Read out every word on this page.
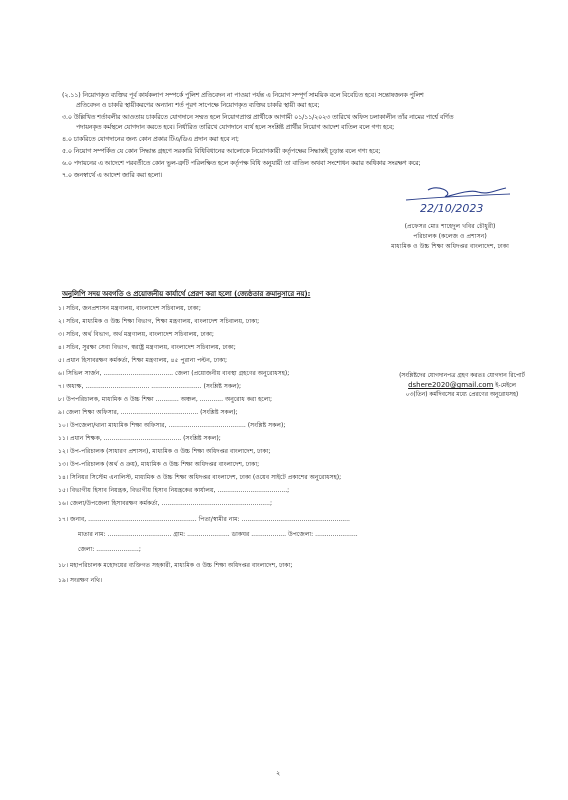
(২.১১) নিয়োগকৃত ব্যক্তির পূর্ব কার্যকলাপ সম্পর্কে পুলিশ প্রতিবেদন না পাওয়া পর্যন্ত এ নিয়োগ সম্পূর্ণ সাময়িক বলে বিবেচিত হবে। সন্তোষজনক পুলিশ
প্রতিবেদন ও চাকরি স্থায়ীকরণের অন্যান্য শর্ত পূরণ সাপেক্ষে নিয়োগকৃত ব্যক্তির চাকরি স্থায়ী করা হবে;
৩.০ উল্লিখিত শর্তাবলীর আওতায় চাকরিতে যোগদানে সম্মত হলে নিয়োগপ্রাপ্ত প্রার্থীকে আগামী ০১/১১/২০২৩ তারিখে অফিস চলাকালীন তাঁর নামের পার্শ্বে বর্ণিত
পদায়নকৃত কর্মস্থলে যোগদান করতে হবে। নির্ধারিত তারিখে যোগদানে ব্যর্থ হলে সংশ্লিষ্ট প্রার্থীর নিয়োগ আদেশ বাতিল বলে গণ্য হবে;
৪.০ চাকরিতে যোগদানের জন্য কোন প্রকার টিএ/ডিএ প্রদান করা হবে না;
৫.০ নিয়োগ সম্পর্কিত যে কোন সিদ্ধান্ত গ্রহণে সরকারি বিধিবিধানের আলোকে নিয়োগকারী কর্তৃপক্ষের সিদ্ধান্তই চূড়ান্ত বলে গণ্য হবে;
৬.০ পদায়নের এ আদেশে পরবর্তীতে কোন ভুল-ত্রুটি পরিলক্ষিত হলে কর্তৃপক্ষ বিধি অনুযায়ী তা বাতিল অথবা সংশোধন করার অধিকার সংরক্ষণ করে;
৭.০ জনস্বার্থে এ আদেশ জারি করা হলো।
22/10/2023
(প্রফেসর মোঃ শাহেদুল খবির চৌধুরী)
পরিচালক (কলেজ ও প্রশাসন)
মাধ্যমিক ও উচ্চ শিক্ষা অধিদপ্তর বাংলাদেশ, ঢাকা
অনুলিপি সদয় অবগতি ও প্রয়োজনীয় কার্যার্থে প্রেরণ করা হলো (জ্যেষ্ঠতার ক্রমানুসারে নয়):
১। সচিব, জনপ্রশাসন মন্ত্রণালয়, বাংলাদেশ সচিবালয়, ঢাকা;
২। সচিব, মাধ্যমিক ও উচ্চ শিক্ষা বিভাগ, শিক্ষা মন্ত্রণালয়, বাংলাদেশ সচিবালয়, ঢাকা;
৩। সচিব, অর্থ বিভাগ, অর্থ মন্ত্রণালয়, বাংলাদেশ সচিবালয়, ঢাকা;
৪। সচিব, সুরক্ষা সেবা বিভাগ, স্বরাষ্ট্র মন্ত্রণালয়, বাংলাদেশ সচিবালয়, ঢাকা;
৫। প্রধান হিসাবরক্ষণ কর্মকর্তা, শিক্ষা মন্ত্রণালয়, ৪৫ পুরানা পল্টন, ঢাকা;
৬। সিভিল সার্জন, .................................... জেলা (প্রয়োজনীয় ব্যবস্থা গ্রহণের অনুরোধসহ);
৭। অধ্যক্ষ, ................................. .......................... (সংশ্লিষ্ট সকল);
৮। উপপরিচালক, মাধ্যমিক ও উচ্চ শিক্ষা ............ অঞ্চল, ............ অনুরোধ করা হলো;
৯। জেলা শিক্ষা অফিসার, ........................................ (সংশ্লিষ্ট সকল);
১০। উপজেলা/থানা মাধ্যমিক শিক্ষা অফিসার, ........................................ (সংশ্লিষ্ট সকল);
১১। প্রধান শিক্ষক, ........................................ (সংশ্লিষ্ট সকল);
১২। উপ-পরিচালক (সাধারণ প্রশাসন), মাধ্যমিক ও উচ্চ শিক্ষা অধিদপ্তর বাংলাদেশ, ঢাকা;
১৩। উপ-পরিচালক (অর্থ ও ক্রয়), মাধ্যমিক ও উচ্চ শিক্ষা অধিদপ্তর বাংলাদেশ, ঢাকা;
১৪। সিনিয়র সিস্টেম এনালিস্ট, মাধ্যমিক ও উচ্চ শিক্ষা অধিদপ্তর বাংলাদেশ, ঢাকা (ওয়েব সাইটে প্রকাশের অনুরোধসহ);
১৫। বিভাগীয় হিসাব নিয়ন্ত্রক, বিভাগীয় হিসাব নিয়ন্ত্রকের কার্যালয়, ....................................;
১৬। জেলা/উপজেলা হিসাবরক্ষণ কর্মকর্তা, ........................................................;
১৭। জনাব, ........................................................ পিতা/স্বামীর নাম: ........................................................
মাতার নাম: ................................. গ্রাম: ...................... ডাকঘর .................. উপজেলা: ......................
জেলা: ......................;
১৮। মহাপরিচালক মহোদয়ের ব্যক্তিগত সহকারী, মাধ্যমিক ও উচ্চ শিক্ষা অধিদপ্তর বাংলাদেশ, ঢাকা;
১৯। সংরক্ষণ নথি।
(সংশ্লিষ্টদের যোগদানপত্র গ্রহণ করতঃ যোগদান রিপোর্ট
dshere2020@gmail.com ই-মেইলে
০৩(তিন) কর্মদিবসের মধ্যে প্রেরণের অনুরোধসহ)
২
